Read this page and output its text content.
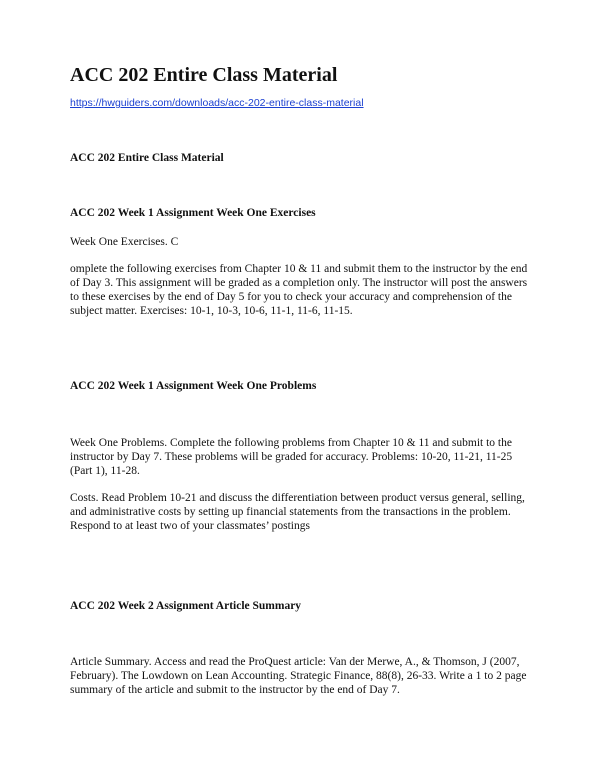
ACC 202 Entire Class Material
https://hwguiders.com/downloads/acc-202-entire-class-material
ACC 202 Entire Class Material
ACC 202 Week 1 Assignment Week One Exercises

Week One Exercises. C

omplete the following exercises from Chapter 10 & 11 and submit them to the instructor by the end of Day 3. This assignment will be graded as a completion only. The instructor will post the answers to these exercises by the end of Day 5 for you to check your accuracy and comprehension of the subject matter. Exercises: 10-1, 10-3, 10-6, 11-1, 11-6, 11-15.

ACC 202 Week 1 Assignment Week One Problems

Week One Problems. Complete the following problems from Chapter 10 & 11 and submit to the instructor by Day 7. These problems will be graded for accuracy. Problems: 10-20, 11-21, 11-25 (Part 1), 11-28.

Costs. Read Problem 10-21 and discuss the differentiation between product versus general, selling, and administrative costs by setting up financial statements from the transactions in the problem. Respond to at least two of your classmates’ postings

ACC 202 Week 2 Assignment Article Summary

Article Summary. Access and read the ProQuest article: Van der Merwe, A., & Thomson, J (2007, February). The Lowdown on Lean Accounting. Strategic Finance, 88(8), 26-33. Write a 1 to 2 page summary of the article and submit to the instructor by the end of Day 7.
